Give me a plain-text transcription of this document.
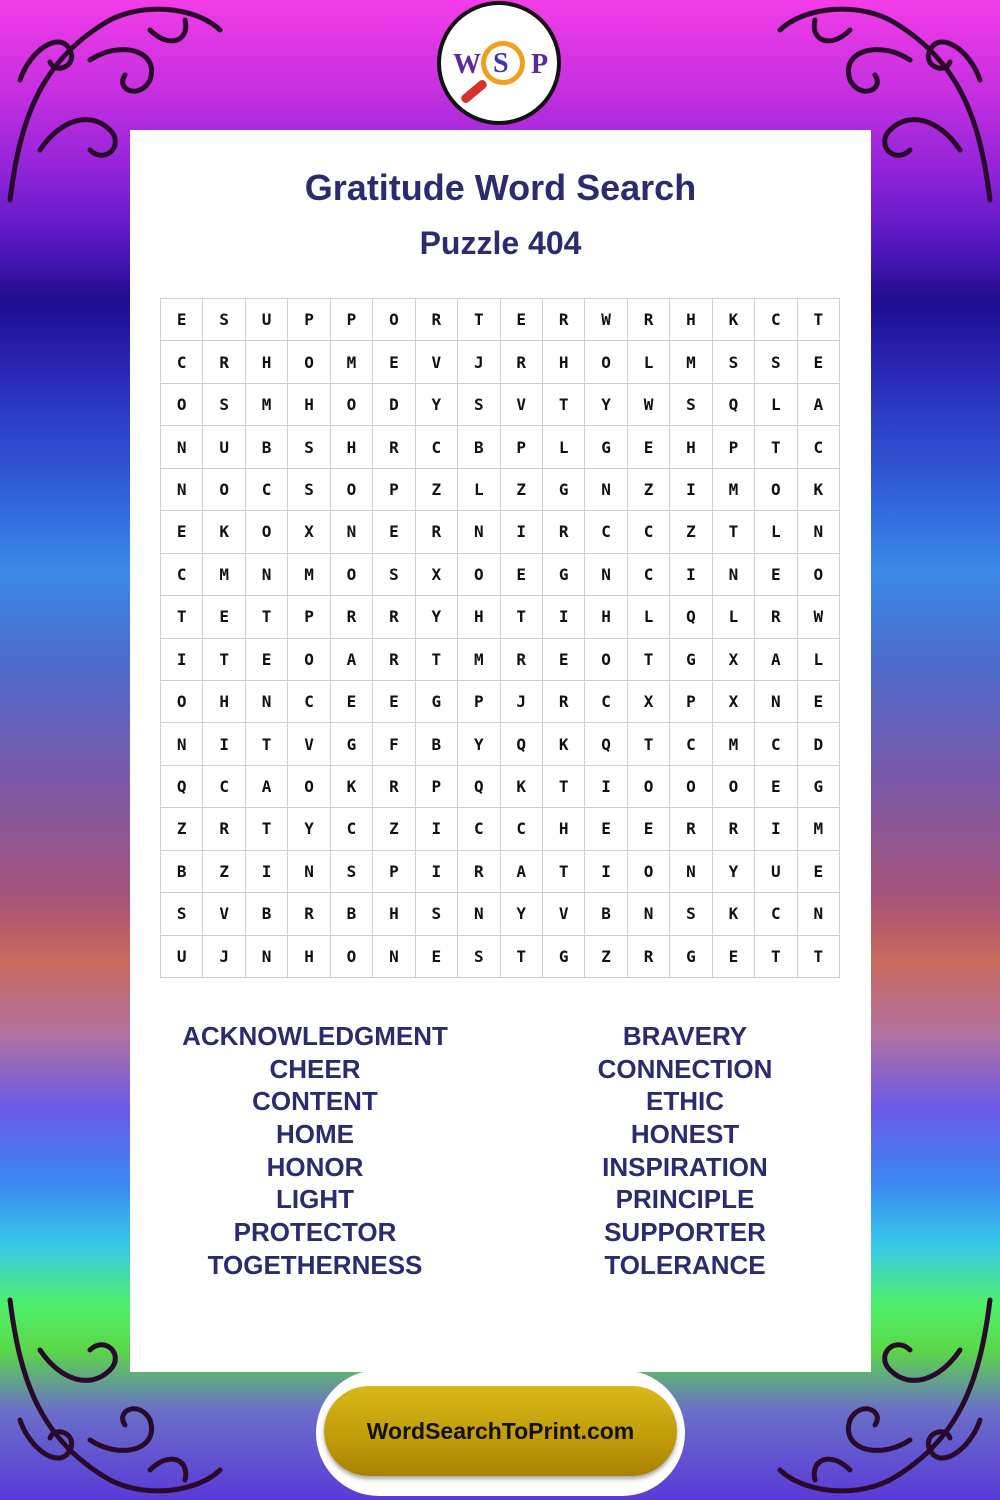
W S P
Gratitude Word Search
Puzzle 404
E	S	U	P	P	O	R	T	E	R	W	R	H	K	C	T
C	R	H	O	M	E	V	J	R	H	O	L	M	S	S	E
O	S	M	H	O	D	Y	S	V	T	Y	W	S	Q	L	A
N	U	B	S	H	R	C	B	P	L	G	E	H	P	T	C
N	O	C	S	O	P	Z	L	Z	G	N	Z	I	M	O	K
E	K	O	X	N	E	R	N	I	R	C	C	Z	T	L	N
C	M	N	M	O	S	X	O	E	G	N	C	I	N	E	O
T	E	T	P	R	R	Y	H	T	I	H	L	Q	L	R	W
I	T	E	O	A	R	T	M	R	E	O	T	G	X	A	L
O	H	N	C	E	E	G	P	J	R	C	X	P	X	N	E
N	I	T	V	G	F	B	Y	Q	K	Q	T	C	M	C	D
Q	C	A	O	K	R	P	Q	K	T	I	O	O	O	E	G
Z	R	T	Y	C	Z	I	C	C	H	E	E	R	R	I	M
B	Z	I	N	S	P	I	R	A	T	I	O	N	Y	U	E
S	V	B	R	B	H	S	N	Y	V	B	N	S	K	C	N
U	J	N	H	O	N	E	S	T	G	Z	R	G	E	T	T
ACKNOWLEDGMENT
CHEER
CONTENT
HOME
HONOR
LIGHT
PROTECTOR
TOGETHERNESS
BRAVERY
CONNECTION
ETHIC
HONEST
INSPIRATION
PRINCIPLE
SUPPORTER
TOLERANCE
WordSearchToPrint.com
